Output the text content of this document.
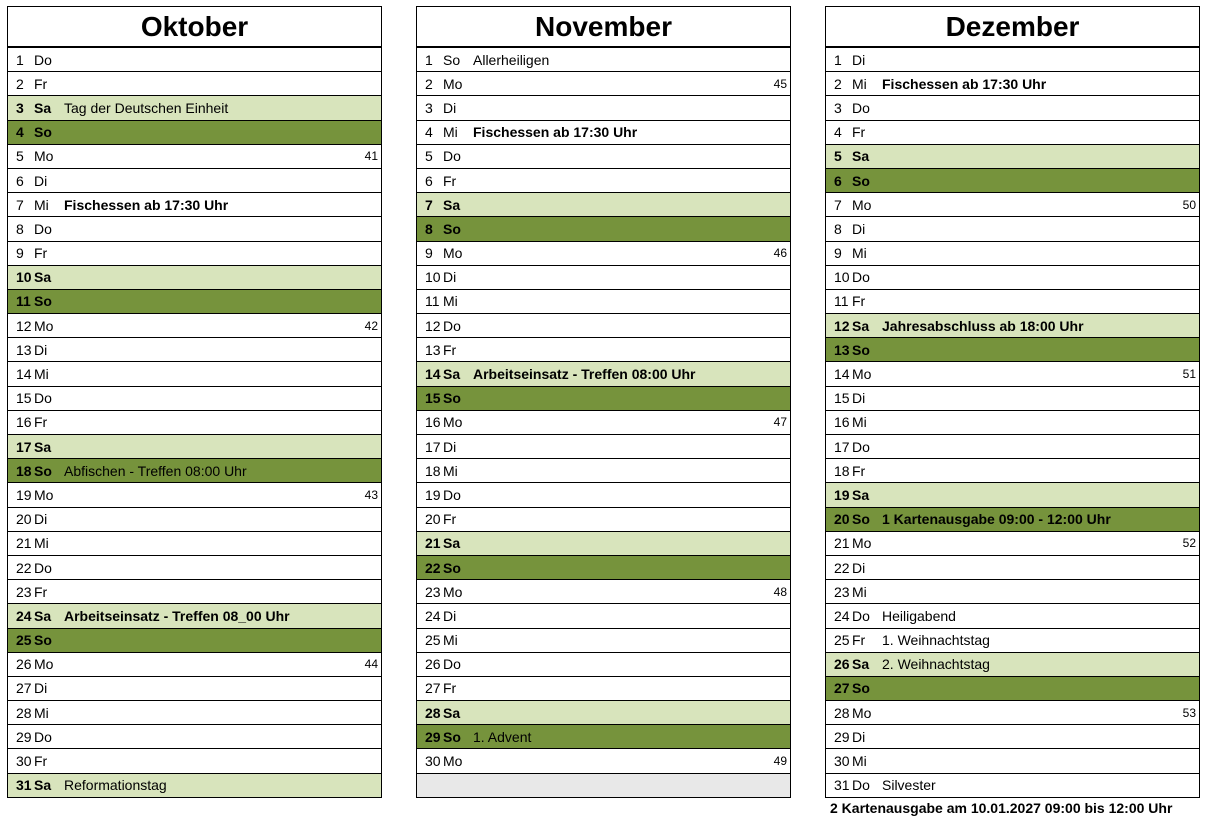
Oktober
1 Do
2 Fr
3 Sa Tag der Deutschen Einheit
4 So
5 Mo	41
6 Di
7 Mi	Fischessen ab 17:30 Uhr
8 Do
9 Fr
10 Sa
11 So
12 Mo	42
13 Di
14 Mi
15 Do
16 Fr
17 Sa
18 So Abfischen - Treffen 08:00 Uhr
19 Mo	43
20 Di
21 Mi
22 Do
23 Fr
24 Sa Arbeitseinsatz - Treffen 08_00 Uhr
25 So
26 Mo	44
27 Di
28 Mi
29 Do
30 Fr
31 Sa Reformationstag
November
1 So Allerheiligen
2 Mo	45
3 Di
4 Mi	Fischessen ab 17:30 Uhr
5 Do
6 Fr
7 Sa
8 So
9 Mo	46
10 Di
11 Mi
12 Do
13 Fr
14 Sa Arbeitseinsatz - Treffen 08:00 Uhr
15 So
16 Mo	47
17 Di
18 Mi
19 Do
20 Fr
21 Sa
22 So
23 Mo	48
24 Di
25 Mi
26 Do
27 Fr
28 Sa
29 So 1. Advent
30 Mo	49
Dezember
1 Di
2 Mi	Fischessen ab 17:30 Uhr
3 Do
4 Fr
5 Sa
6 So
7 Mo	50
8 Di
9 Mi
10 Do
11 Fr
12 Sa Jahresabschluss ab 18:00 Uhr
13 So
14 Mo	51
15 Di
16 Mi
17 Do
18 Fr
19 Sa
20 So 1 Kartenausgabe 09:00 - 12:00 Uhr
21 Mo	52
22 Di
23 Mi
24 Do Heiligabend
25 Fr	1. Weihnachtstag
26 Sa 2. Weihnachtstag
27 So
28 Mo	53
29 Di
30 Mi
31 Do Silvester
2 Kartenausgabe am 10.01.2027 09:00 bis 12:00 Uhr
